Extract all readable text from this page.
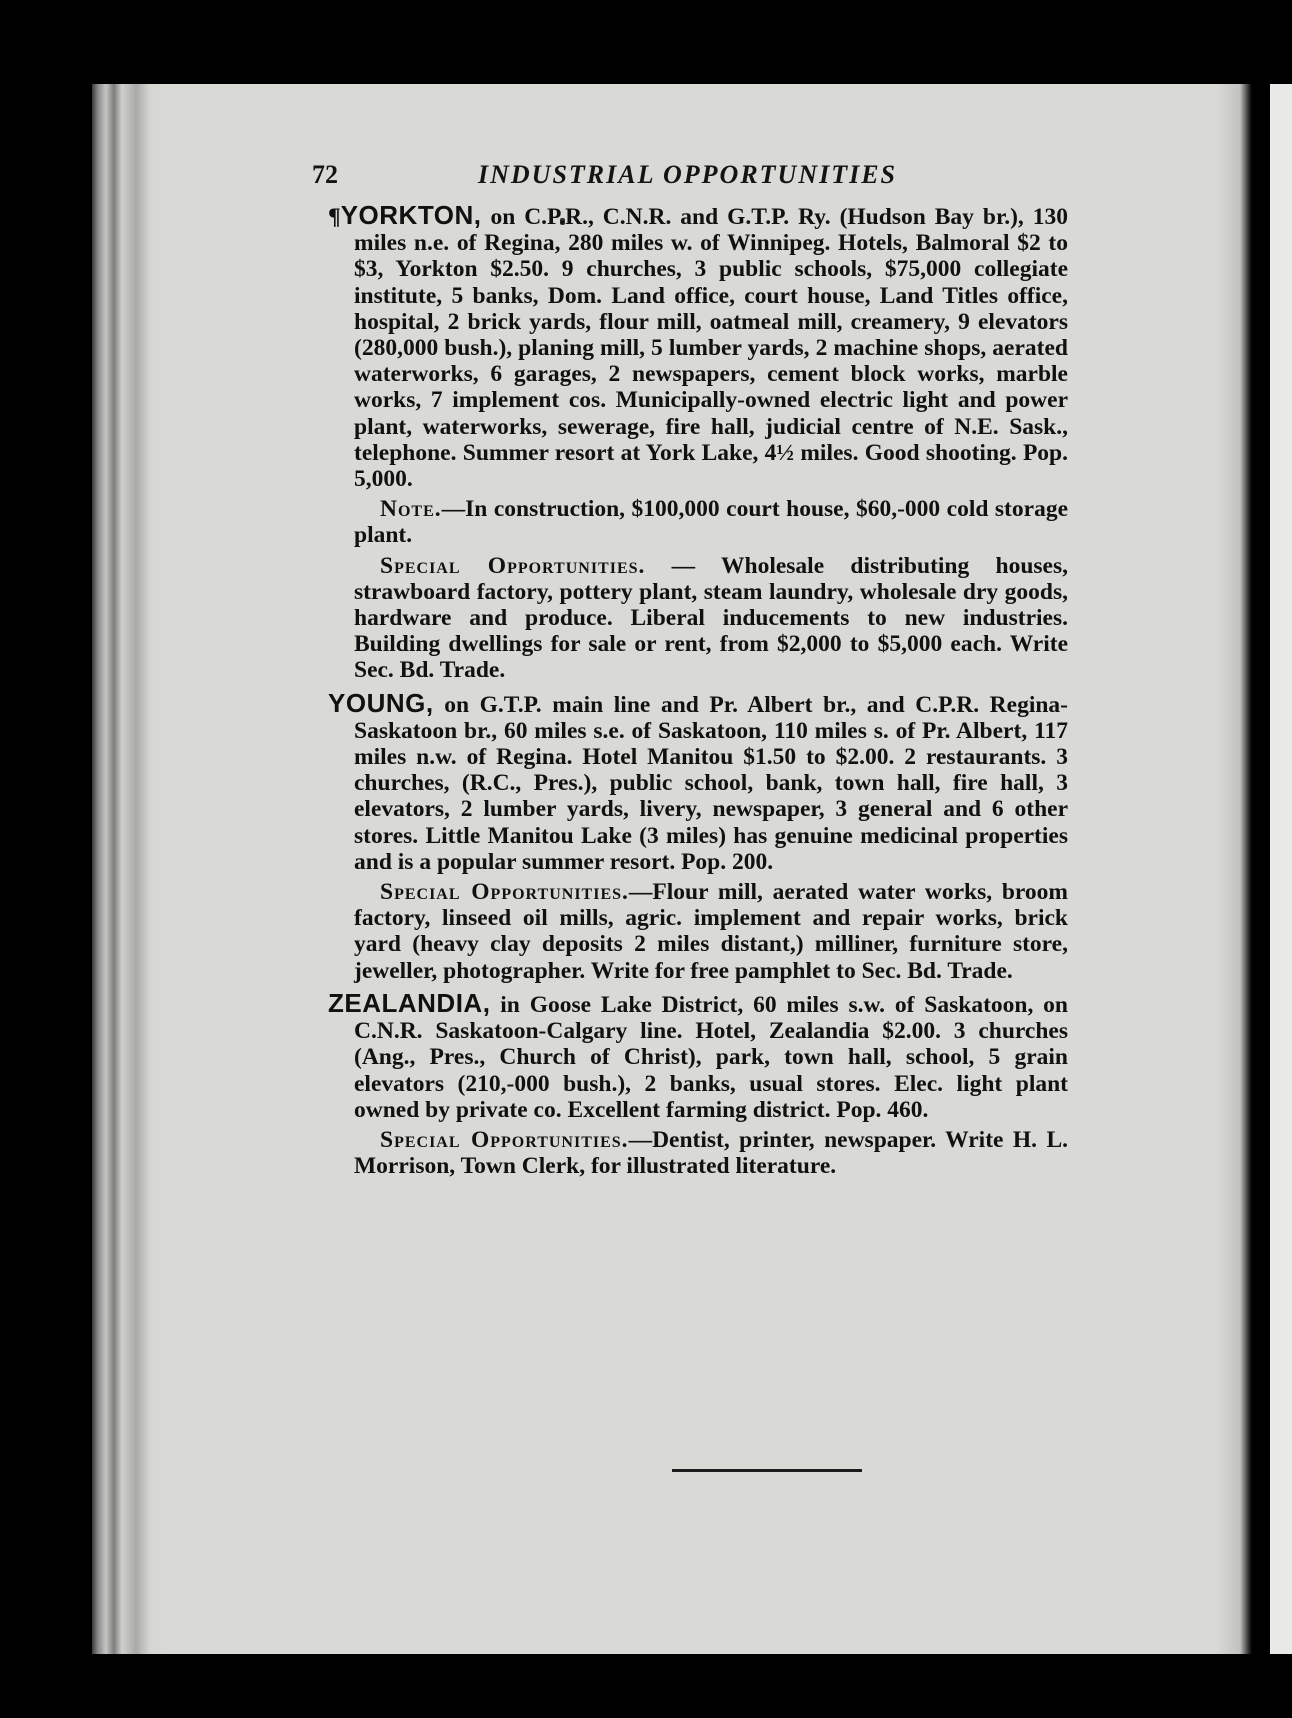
72	INDUSTRIAL OPPORTUNITIES

¶YORKTON, on C.P.R., C.N.R. and G.T.P. Ry. (Hudson Bay br.), 130 miles n.e. of Regina, 280 miles w. of Winnipeg. Hotels, Balmoral $2 to $3, Yorkton $2.50. 9 churches, 3 public schools, $75,000 collegiate institute, 5 banks, Dom. Land office, court house, Land Titles office, hospital, 2 brick yards, flour mill, oatmeal mill, creamery, 9 elevators (280,000 bush.), planing mill, 5 lumber yards, 2 machine shops, aerated waterworks, 6 garages, 2 newspapers, cement block works, marble works, 7 implement cos. Municipally-owned electric light and power plant, waterworks, sewerage, fire hall, judicial centre of N.E. Sask., telephone. Summer resort at York Lake, 4½ miles. Good shooting. Pop. 5,000.

Note.—In construction, $100,000 court house, $60,-000 cold storage plant.

Special Opportunities. — Wholesale distributing houses, strawboard factory, pottery plant, steam laundry, wholesale dry goods, hardware and produce. Liberal inducements to new industries. Building dwellings for sale or rent, from $2,000 to $5,000 each. Write Sec. Bd. Trade.

YOUNG, on G.T.P. main line and Pr. Albert br., and C.P.R. Regina-Saskatoon br., 60 miles s.e. of Saskatoon, 110 miles s. of Pr. Albert, 117 miles n.w. of Regina. Hotel Manitou $1.50 to $2.00. 2 restaurants. 3 churches, (R.C., Pres.), public school, bank, town hall, fire hall, 3 elevators, 2 lumber yards, livery, newspaper, 3 general and 6 other stores. Little Manitou Lake (3 miles) has genuine medicinal properties and is a popular summer resort. Pop. 200.

Special Opportunities.—Flour mill, aerated water works, broom factory, linseed oil mills, agric. implement and repair works, brick yard (heavy clay deposits 2 miles distant,) milliner, furniture store, jeweller, photographer. Write for free pamphlet to Sec. Bd. Trade.

ZEALANDIA, in Goose Lake District, 60 miles s.w. of Saskatoon, on C.N.R. Saskatoon-Calgary line. Hotel, Zealandia $2.00. 3 churches (Ang., Pres., Church of Christ), park, town hall, school, 5 grain elevators (210,-000 bush.), 2 banks, usual stores. Elec. light plant owned by private co. Excellent farming district. Pop. 460.

Special Opportunities.—Dentist, printer, newspaper. Write H. L. Morrison, Town Clerk, for illustrated literature.
